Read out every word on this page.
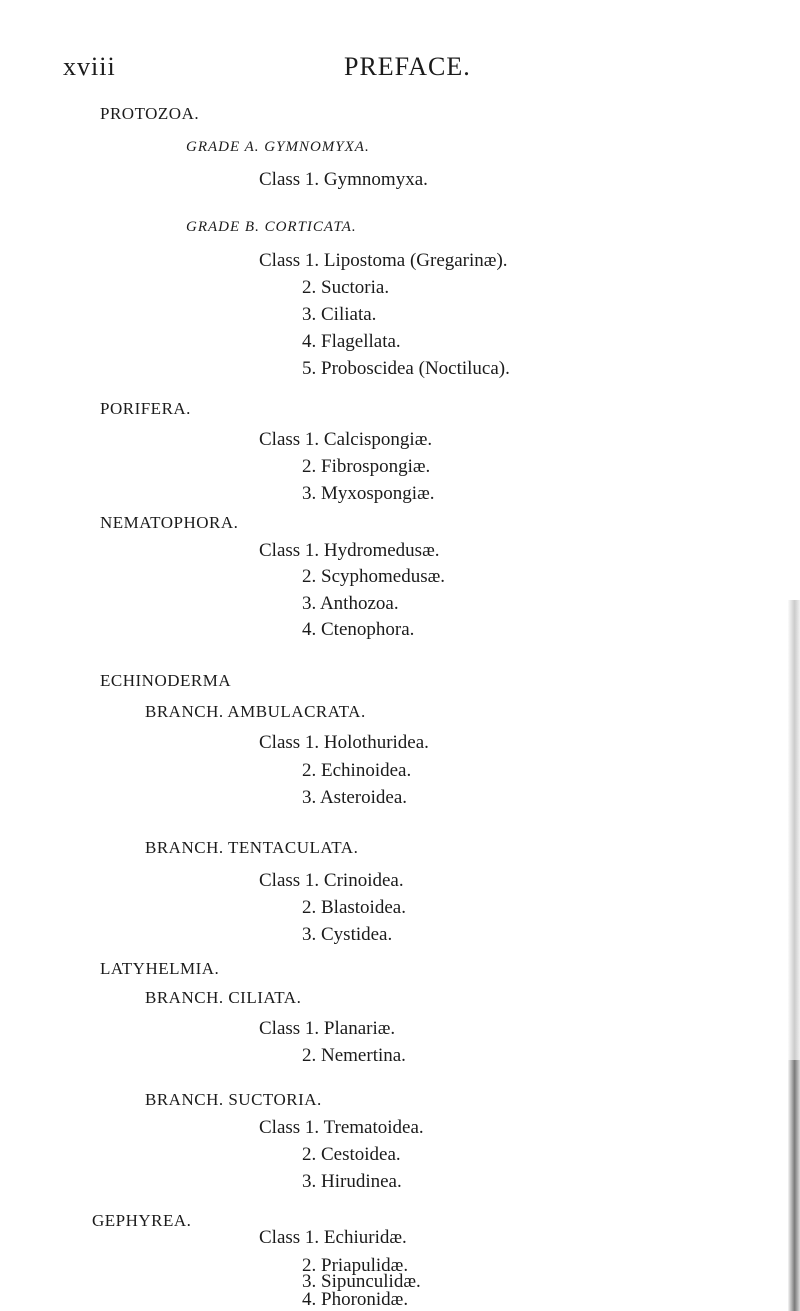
xviii	PREFACE.
PROTOZOA.
GRADE A. GYMNOMYXA.
Class 1. Gymnomyxa.
GRADE B. CORTICATA.
Class 1. Lipostoma (Gregarinæ).
2. Suctoria.
3. Ciliata.
4. Flagellata.
5. Proboscidea (Noctiluca).
PORIFERA.
Class 1. Calcispongiæ.
2. Fibrospongiæ.
3. Myxospongiæ.
NEMATOPHORA.
Class 1. Hydromedusæ.
2. Scyphomedusæ.
3. Anthozoa.
4. Ctenophora.
ECHINODERMA
BRANCH. AMBULACRATA.
Class 1. Holothuridea.
2. Echinoidea.
3. Asteroidea.
BRANCH. TENTACULATA.
Class 1. Crinoidea.
2. Blastoidea.
3. Cystidea.
LATYHELMIA.
BRANCH. CILIATA.
Class 1. Planariæ.
2. Nemertina.
BRANCH. SUCTORIA.
Class 1. Trematoidea.
2. Cestoidea.
3. Hirudinea.
GEPHYREA.
Class 1. Echiuridæ.
2. Priapulidæ.
3. Sipunculidæ.
4. Phoronidæ.
